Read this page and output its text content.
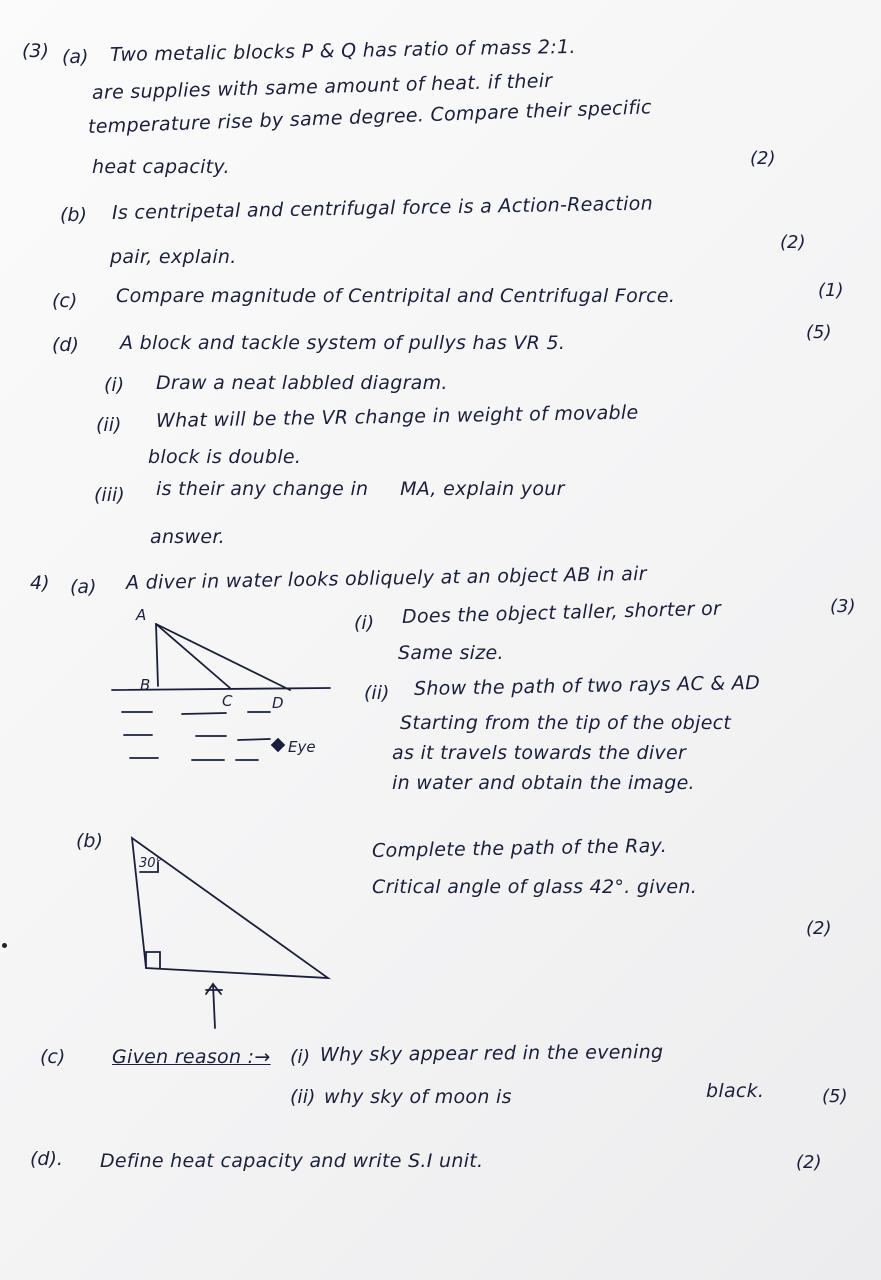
(3) (a) Two metalic blocks P & Q has ratio of mass 2:1.
are supplies with same amount of heat. if their
temperature rise by same degree. Compare their specific
heat capacity.	(2)
(b) Is centripetal and centrifugal force is a Action-Reaction
pair, explain.
(2)
(c) Compare magnitude of Centripital and Centrifugal Force.	(1)
(d) A block and tackle system of pullys has VR 5.	(5)
(i) Draw a neat labbled diagram.
(ii) What will be the VR change in weight of movable
block is double.
(iii) is their any change in     MA, explain your
answer.
4) (a) A diver in water looks obliquely at an object AB in air
A
B
C	D
Eye
(i) Does the object taller, shorter or
Same size.
(3)
(ii) Show the path of two rays AC & AD
Starting from the tip of the object
as it travels towards the diver
in water and obtain the image.
(b)
30°
Complete the path of the Ray.
Critical angle of glass 42°. given.
(2)
(c) Given reason :→ (i) Why sky appear red in the evening
(ii) why sky of moon is	black.	(5)
(d). Define heat capacity and write S.I unit.	(2)
